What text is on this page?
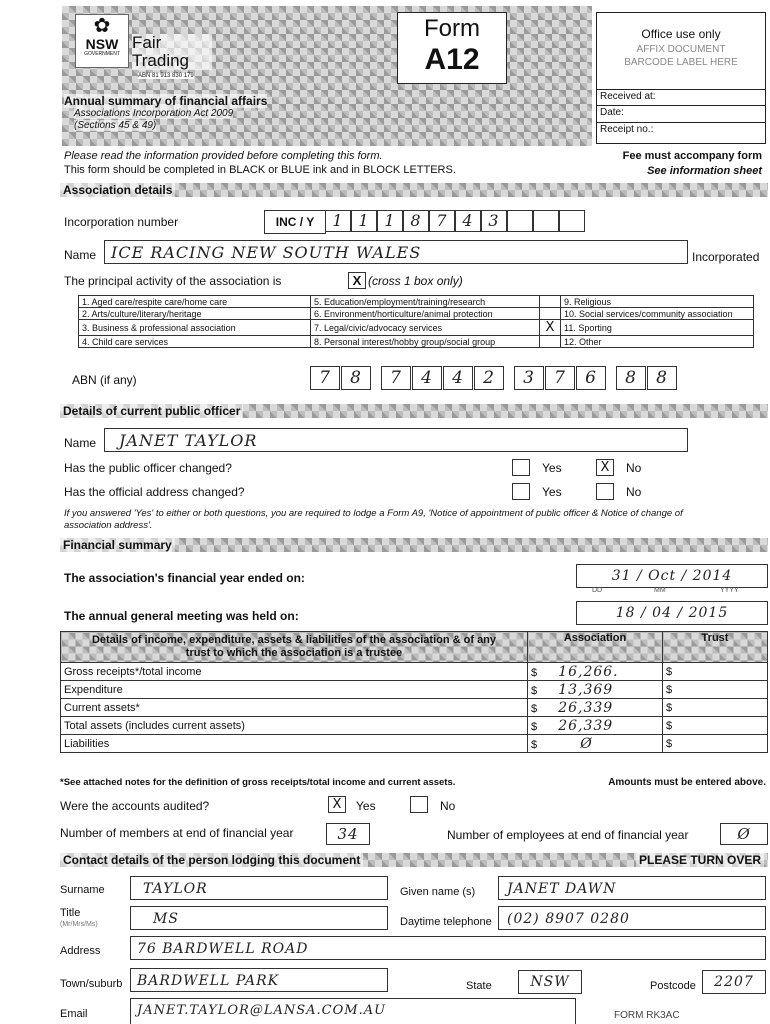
✿
NSW
GOVERNMENT
Fair Trading
ABN 81 913 830 179
Form
A12
Office use only
AFFIX DOCUMENT BARCODE LABEL HERE
Received at:
Date:
Receipt no.:
Annual summary of financial affairs
Associations Incorporation Act 2009
(Sections 45 & 49)
Please read the information provided before completing this form.
This form should be completed in BLACK or BLUE ink and in BLOCK LETTERS.
Fee must accompany form
See information sheet
Association details
Incorporation number	INC / Y	1 1 1 8 7 4 3
Name ICE RACING NEW SOUTH WALES	Incorporated
The principal activity of the association is	X (cross 1 box only)
1. Aged care/respite care/home care	5. Education/employment/training/research		9. Religious
2. Arts/culture/literary/heritage	6. Environment/horticulture/animal protection		10. Social services/community association
3. Business & professional association	7. Legal/civic/advocacy services	X	11. Sporting
4. Child care services	8. Personal interest/hobby group/social group		12. Other
ABN (if any)	7	8	7	4	4	2	3	7	6	8	8
Details of current public officer
Name	JANET TAYLOR
Has the public officer changed?	Yes	X	No
Has the official address changed?	Yes	No
If you answered 'Yes' to either or both questions, you are required to lodge a Form A9, 'Notice of appointment of public officer & Notice of change of association address'.
Financial summary
The association's financial year ended on:	31 / Oct / 2014
DD	MM	YYYY
The annual general meeting was held on:	18 / 04 / 2015
Details of income, expenditure, assets & liabilities of the association & of any trust to which the association is a trustee	Association	Trust
Gross receipts*/total income	$ 16,266.	$
Expenditure	$ 13,369	$
Current assets*	$ 26,339	$
Total assets (includes current assets)	$ 26,339	$
Liabilities	$ Ø	$
*See attached notes for the definition of gross receipts/total income and current assets.	Amounts must be entered above.
Were the accounts audited?	X	Yes	No
Number of members at end of financial year	34	Number of employees at end of financial year	Ø
Contact details of the person lodging this document	PLEASE TURN OVER
Surname	TAYLOR	Given name (s)	JANET DAWN
Title
(Mr/Mrs/Ms)	MS	Daytime telephone	(02) 8907 0280
Address	76 BARDWELL ROAD
Town/suburb	BARDWELL PARK	State	NSW	Postcode	2207
Email	JANET.TAYLOR@LANSA.COM.AU	FORM RK3AC
